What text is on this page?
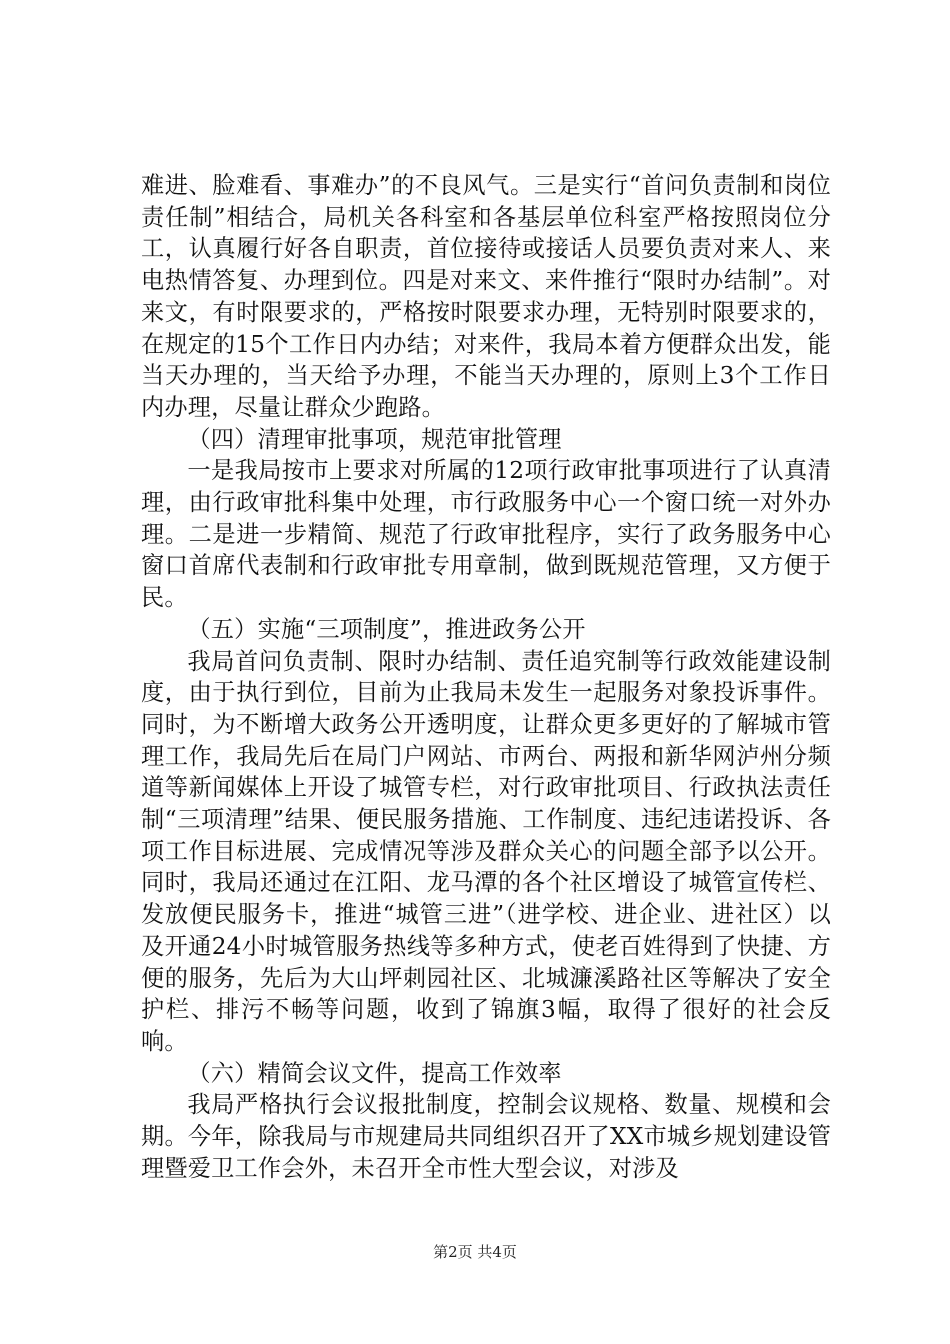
难进、脸难看、事难办”的不良风气。三是实行“首问负责制和岗位责任制”相结合，局机关各科室和各基层单位科室严格按照岗位分工，认真履行好各自职责，首位接待或接话人员要负责对来人、来电热情答复、办理到位。四是对来文、来件推行“限时办结制”。对来文，有时限要求的，严格按时限要求办理，无特别时限要求的，在规定的15个工作日内办结；对来件，我局本着方便群众出发，能当天办理的，当天给予办理，不能当天办理的，原则上3个工作日内办理，尽量让群众少跑路。

（四）清理审批事项，规范审批管理

一是我局按市上要求对所属的12项行政审批事项进行了认真清理，由行政审批科集中处理，市行政服务中心一个窗口统一对外办理。二是进一步精简、规范了行政审批程序，实行了政务服务中心窗口首席代表制和行政审批专用章制，做到既规范管理，又方便于民。

（五）实施“三项制度”，推进政务公开

我局首问负责制、限时办结制、责任追究制等行政效能建设制度，由于执行到位，目前为止我局未发生一起服务对象投诉事件。同时，为不断增大政务公开透明度，让群众更多更好的了解城市管理工作，我局先后在局门户网站、市两台、两报和新华网泸州分频道等新闻媒体上开设了城管专栏，对行政审批项目、行政执法责任制“三项清理”结果、便民服务措施、工作制度、违纪违诺投诉、各项工作目标进展、完成情况等涉及群众关心的问题全部予以公开。同时，我局还通过在江阳、龙马潭的各个社区增设了城管宣传栏、发放便民服务卡，推进“城管三进”（进学校、进企业、进社区）以及开通24小时城管服务热线等多种方式，使老百姓得到了快捷、方便的服务，先后为大山坪刺园社区、北城濂溪路社区等解决了安全护栏、排污不畅等问题，收到了锦旗3幅，取得了很好的社会反响。

（六）精简会议文件，提高工作效率

我局严格执行会议报批制度，控制会议规格、数量、规模和会期。今年，除我局与市规建局共同组织召开了XX市城乡规划建设管理暨爱卫工作会外，未召开全市性大型会议，对涉及

第2页 共4页
